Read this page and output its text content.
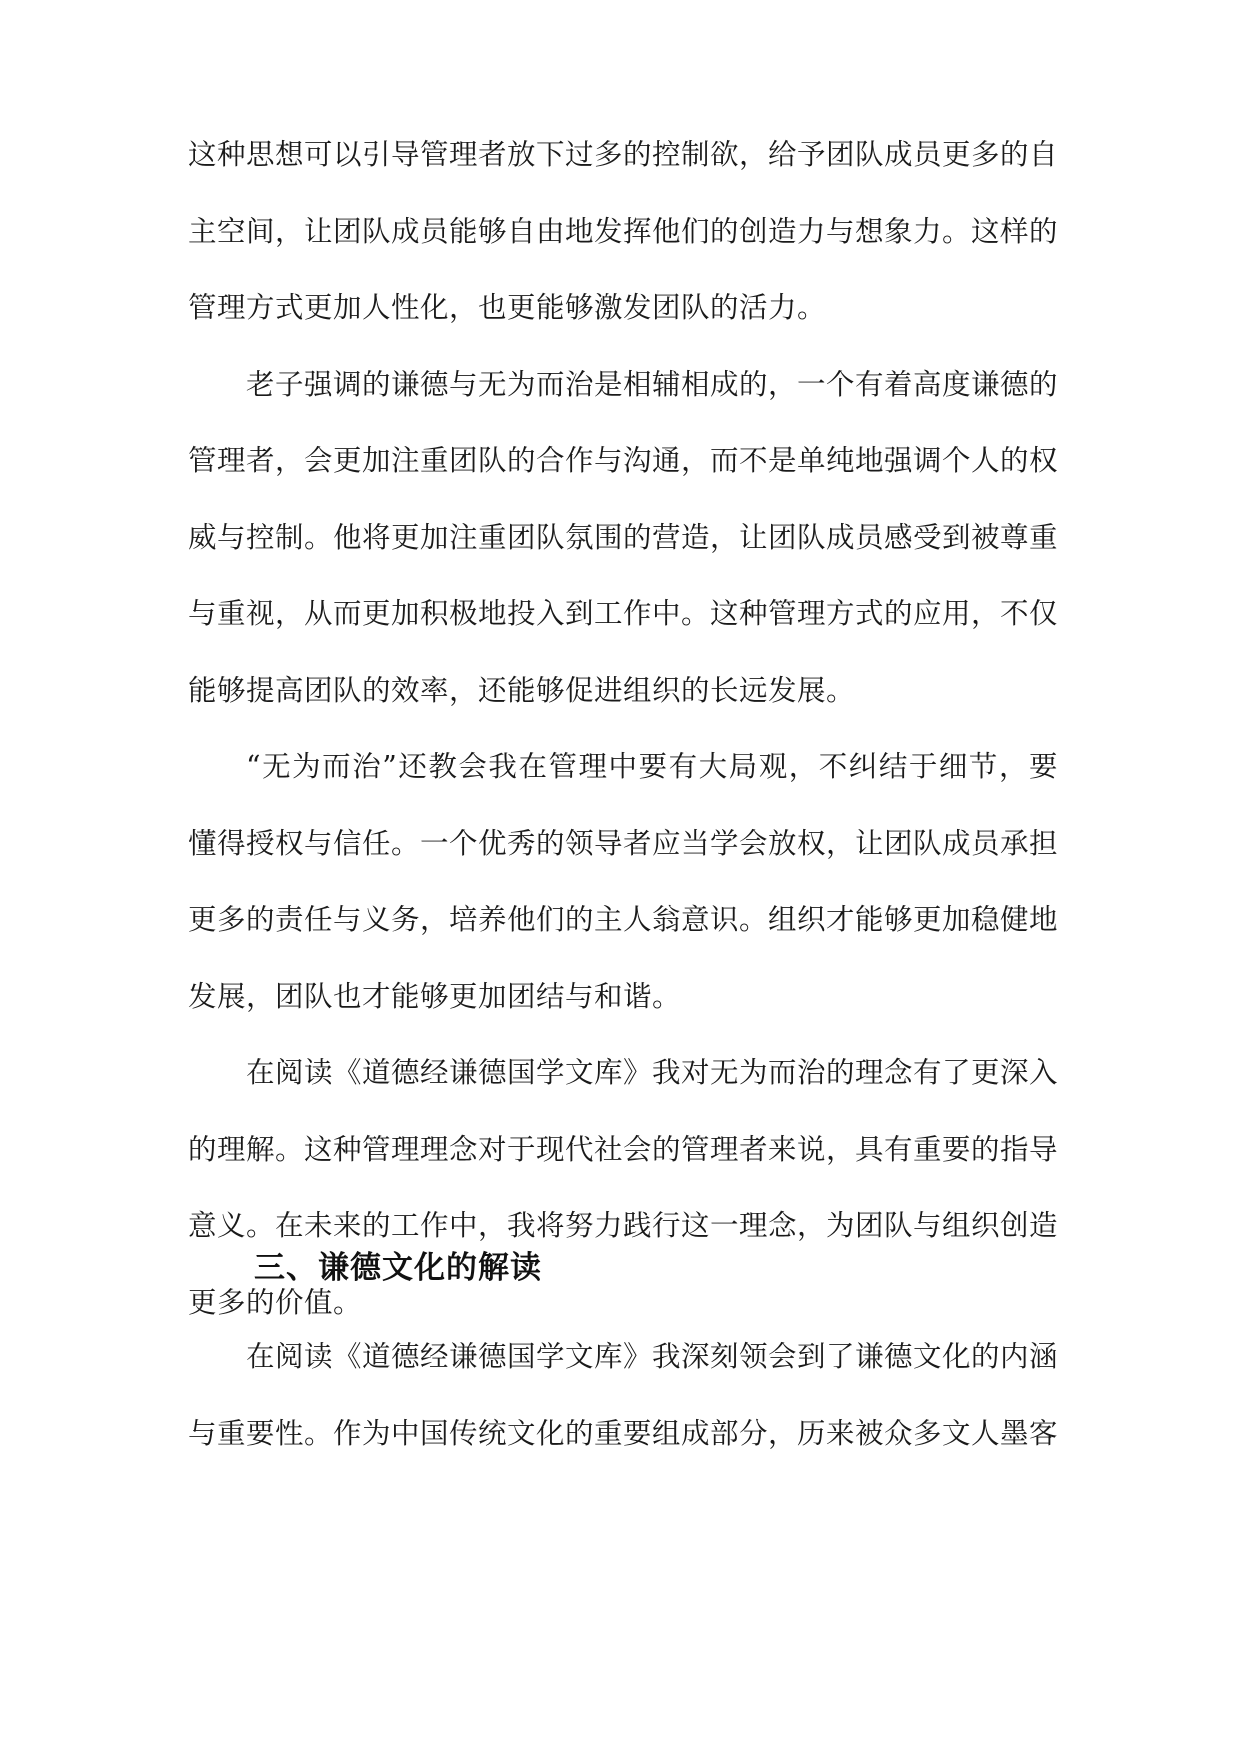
这种思想可以引导管理者放下过多的控制欲，给予团队成员更多的自主空间，让团队成员能够自由地发挥他们的创造力与想象力。这样的管理方式更加人性化，也更能够激发团队的活力。

老子强调的谦德与无为而治是相辅相成的，一个有着高度谦德的管理者，会更加注重团队的合作与沟通，而不是单纯地强调个人的权威与控制。他将更加注重团队氛围的营造，让团队成员感受到被尊重与重视，从而更加积极地投入到工作中。这种管理方式的应用，不仅能够提高团队的效率，还能够促进组织的长远发展。

“无为而治”还教会我在管理中要有大局观，不纠结于细节，要懂得授权与信任。一个优秀的领导者应当学会放权，让团队成员承担更多的责任与义务，培养他们的主人翁意识。组织才能够更加稳健地发展，团队也才能够更加团结与和谐。

在阅读《道德经谦德国学文库》我对无为而治的理念有了更深入的理解。这种管理理念对于现代社会的管理者来说，具有重要的指导意义。在未来的工作中，我将努力践行这一理念，为团队与组织创造更多的价值。

三、谦德文化的解读

在阅读《道德经谦德国学文库》我深刻领会到了谦德文化的内涵与重要性。作为中国传统文化的重要组成部分，历来被众多文人墨客
